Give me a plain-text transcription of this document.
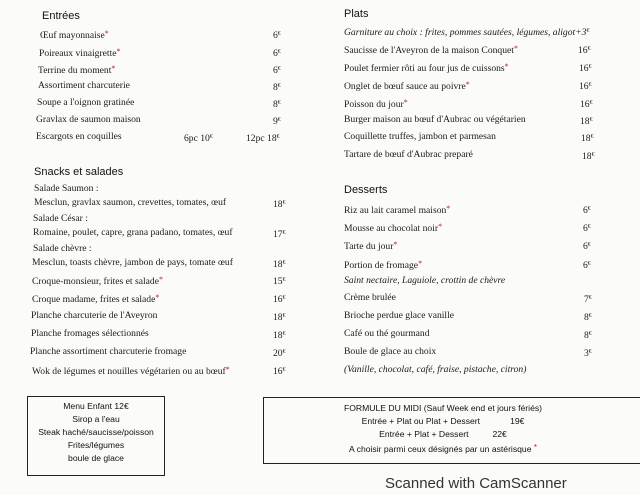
Entrées
Œuf mayonnaise*	6€
Poireaux vinaigrette*	6€
Terrine du moment*	6€
Assortiment charcuterie	8€
Soupe a l'oignon gratinée	8€
Gravlax de saumon maison	9€
Escargots en coquilles	6pc 10€	12pc 18€
Snacks et salades
Salade Saumon :
Mesclun, gravlax saumon, crevettes, tomates, œuf	18€
Salade César :
Romaine, poulet, capre, grana padano, tomates, œuf	17€
Salade chèvre :
Mesclun, toasts chèvre, jambon de pays, tomate œuf	18€
Croque-monsieur, frites et salade*	15€
Croque madame, frites et salade*	16€
Planche charcuterie de l'Aveyron	18€
Planche fromages sélectionnés	18€
Planche assortiment charcuterie fromage	20€
Wok de légumes et nouilles végétarien ou au bœuf*	16€
Plats
Garniture au choix : frites, pommes sautées, légumes, aligot+3€
Saucisse de l'Aveyron de la maison Conquet*	16€
Poulet fermier rôti au four jus de cuissons*	16€
Onglet de bœuf sauce au poivre*	16€
Poisson du jour*	16€
Burger maison au bœuf d'Aubrac ou végétarien	18€
Coquillette truffes, jambon et parmesan	18€
Tartare de bœuf d'Aubrac preparé	18€
Desserts
Riz au lait caramel maison*	6€
Mousse au chocolat noir*	6€
Tarte du jour*	6€
Portion de fromage*	6€
Saint nectaire, Laguiole, crottin de chèvre
Crème brulée	7€
Brioche perdue glace vanille	8€
Café ou thé gourmand	8€
Boule de glace au choix	3€
(Vanille, chocolat, café, fraise, pistache, citron)
Menu Enfant 12€
Sirop a l'eau
Steak haché/saucisse/poisson
Frites/légumes
boule de glace
FORMULE DU MIDI (Sauf Week end et jours fériés)
Entrée + Plat ou Plat + Dessert	19€
Entrée + Plat + Dessert	22€
A choisir parmi ceux désignés par un astérisque *
Scanned with CamScanner
